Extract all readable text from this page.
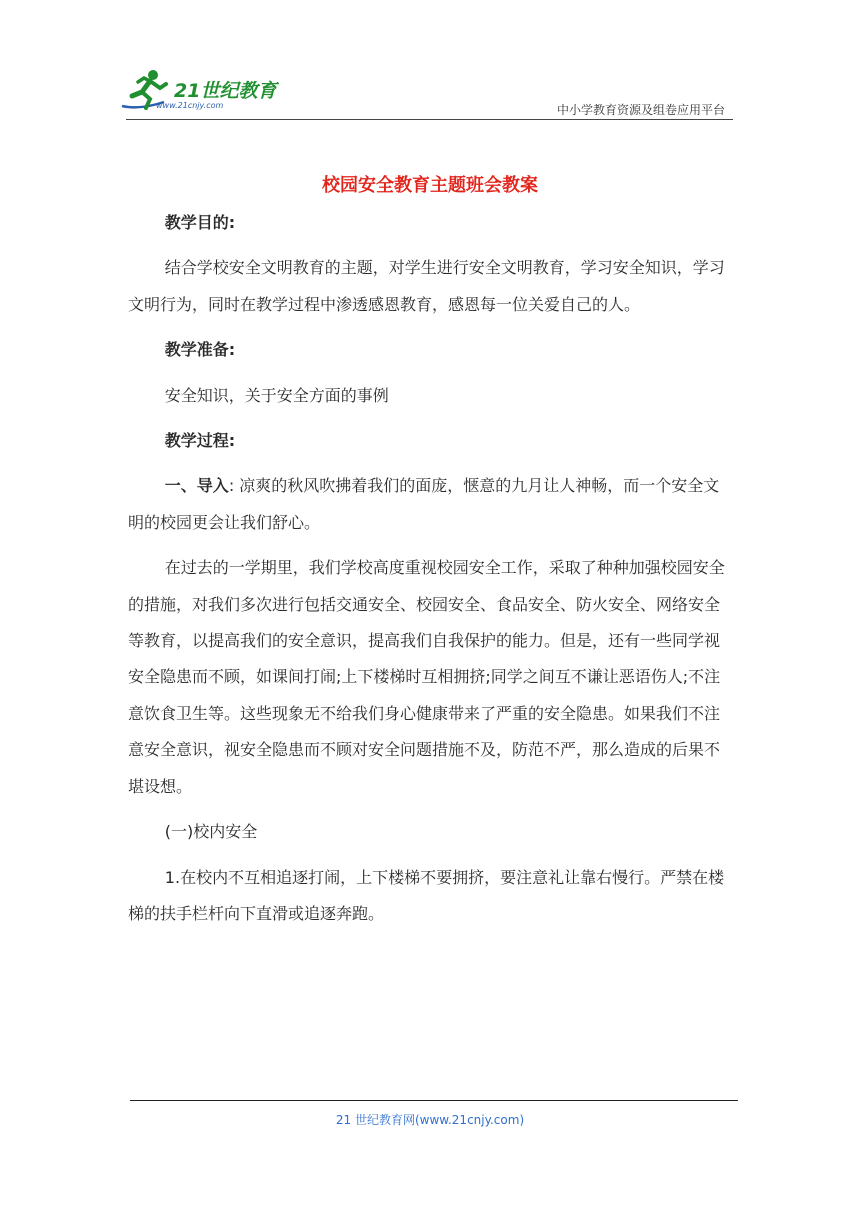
21世纪教育
www.21cnjy.com	中小学教育资源及组卷应用平台
校园安全教育主题班会教案

教学目的:

结合学校安全文明教育的主题，对学生进行安全文明教育，学习安全知识，学习文明行为，同时在教学过程中渗透感恩教育，感恩每一位关爱自己的人。

教学准备:

安全知识，关于安全方面的事例

教学过程:

一、导入: 凉爽的秋风吹拂着我们的面庞，惬意的九月让人神畅，而一个安全文明的校园更会让我们舒心。

在过去的一学期里，我们学校高度重视校园安全工作，采取了种种加强校园安全的措施，对我们多次进行包括交通安全、校园安全、食品安全、防火安全、网络安全等教育，以提高我们的安全意识，提高我们自我保护的能力。但是，还有一些同学视安全隐患而不顾，如课间打闹;上下楼梯时互相拥挤;同学之间互不谦让恶语伤人;不注意饮食卫生等。这些现象无不给我们身心健康带来了严重的安全隐患。如果我们不注意安全意识，视安全隐患而不顾对安全问题措施不及，防范不严，那么造成的后果不堪设想。

(一)校内安全

1.在校内不互相追逐打闹，上下楼梯不要拥挤，要注意礼让靠右慢行。严禁在楼梯的扶手栏杆向下直滑或追逐奔跑。

21 世纪教育网(www.21cnjy.com)
